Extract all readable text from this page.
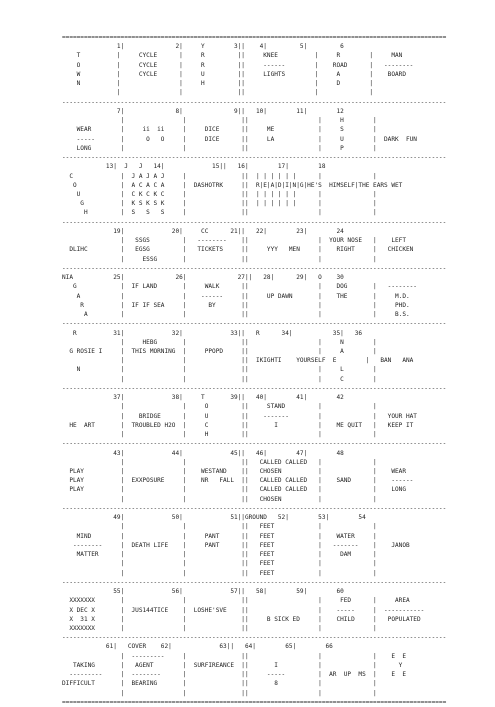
=========================================================================================================
1|              2|     Y        3||    4|         5|         6
T          |     CYCLE      |     R         ||     KNEE          |     R        |     MAN
O          |     CYCLE      |     R         ||     ------        |    ROAD      |   --------
W          |     CYCLE      |     U         ||     LIGHTS        |     A        |    BOARD
N          |                |     H         ||                   |     D        |
|                |               ||                   |              |
---------------------------------------------------------------------------------------------------------
7|              8|              9||   10|        11|        12
|                |               ||                   |     H        |
WEAR        |     ii  ii     |     DICE      ||     ME            |     S        |
-----       |      O   O     |     DICE      ||     LA            |     U        |  DARK  FUN
LONG        |                |               ||                   |     P        |
---------------------------------------------------------------------------------------------------------
13|  J   J   14|             15||   16|        17|        18
C             |  J A J A J     |               ||  | | | | | |      |              |
O            |  A C A C A     |  DASHOTRK     ||  R|E|A|D|I|N|G|HE'S  HIMSELF|THE EARS WET
U           |  C K C K C     |               ||  | | | | | |      |              |
G          |  K S K S K     |               ||  | | | | | |      |              |
H         |  S   S   S     |               ||                   |              |
---------------------------------------------------------------------------------------------------------
19|             20|     CC      21||   22|        23|        24
|   SSGS         |   --------    ||                   |  YOUR NOSE   |    LEFT
DLIHC         |   EGSG         |   TICKETS     ||     YYY   MEN     |    RIGHT     |   CHICKEN
|     ESSG       |               ||                   |              |
---------------------------------------------------------------------------------------------------------
NIA           25|              26|              27||   28|      29|   O    30
G            |  IF LAND       |     WALK      ||                   |    DOG       |   --------
A           |                |    ------     ||     UP DAWN       |    THE       |     M.D.
R          |  IF IF SEA     |      BY       ||                   |              |     PHD.
A         |                |               ||                   |              |     B.S.
---------------------------------------------------------------------------------------------------------
R          31|             32|             33||   R      34|           35|   36
|     HEBG       |               ||                   |     N        |
G ROSIE I     |  THIS MORNING  |     PPOPD     ||                   |     A        |
|                |               ||  IKIGHTI    YOURSELF  E        |   BAN   ANA
N           |                |               ||                   |     L        |
|                |               ||                   |     C        |
---------------------------------------------------------------------------------------------------------
37|             38|     T       39||   40|        41|        42
|                |     O         ||     STAND         |              |
|    BRIDGE      |     U         ||    -------        |              |   YOUR HAT
HE  ART       |  TROUBLED H2O  |     C         ||       I           |    ME QUIT   |   KEEP IT
|                |     H         ||                   |              |
---------------------------------------------------------------------------------------------------------
43|             44|             45||   46|        47|        48
|                |               ||   CALLED CALLED   |              |
PLAY          |                |    WESTAND    ||   CHOSEN          |              |    WEAR
PLAY          |  EXXPOSURE     |    NR   FALL  ||   CALLED CALLED   |    SAND      |    ------
PLAY          |                |               ||   CALLED CALLED   |              |    LONG
|                |               ||   CHOSEN          |              |
---------------------------------------------------------------------------------------------------------
49|             50|             51||GROUND   52|        53|        54
|                |               ||   FEET            |              |
MIND        |                |     PANT      ||   FEET            |    WATER     |
--------     |  DEATH LIFE    |     PANT      ||   FEET            |   -------    |    JANOB
MATTER      |                |               ||   FEET            |     DAM      |
|                |               ||   FEET            |              |
|                |               ||   FEET            |              |
---------------------------------------------------------------------------------------------------------
55|             56|             57||   58|        59|        60
XXXXXXX       |                |               ||                   |     FED      |     AREA
X DEC X       |  JUS144TICE    |  LOSHE'SVE    ||                   |    -----     |  -----------
X  31 X       |                |               ||     B SICK ED     |    CHILD     |   POPULATED
XXXXXXX       |                |               ||                   |              |
---------------------------------------------------------------------------------------------------------
61|   COVER    62|             63||   64|        65|        66
|  ---------     |               ||                   |              |    E  E
TAKING       |   AGENT        |  SURFIREANCE  ||       I           |              |      Y
---------     |  --------      |               ||     -----         |  AR  UP  MS  |    E  E
DIFFICULT       |  BEARING       |               ||       8           |              |
|                |               ||                   |              |
=========================================================================================================
